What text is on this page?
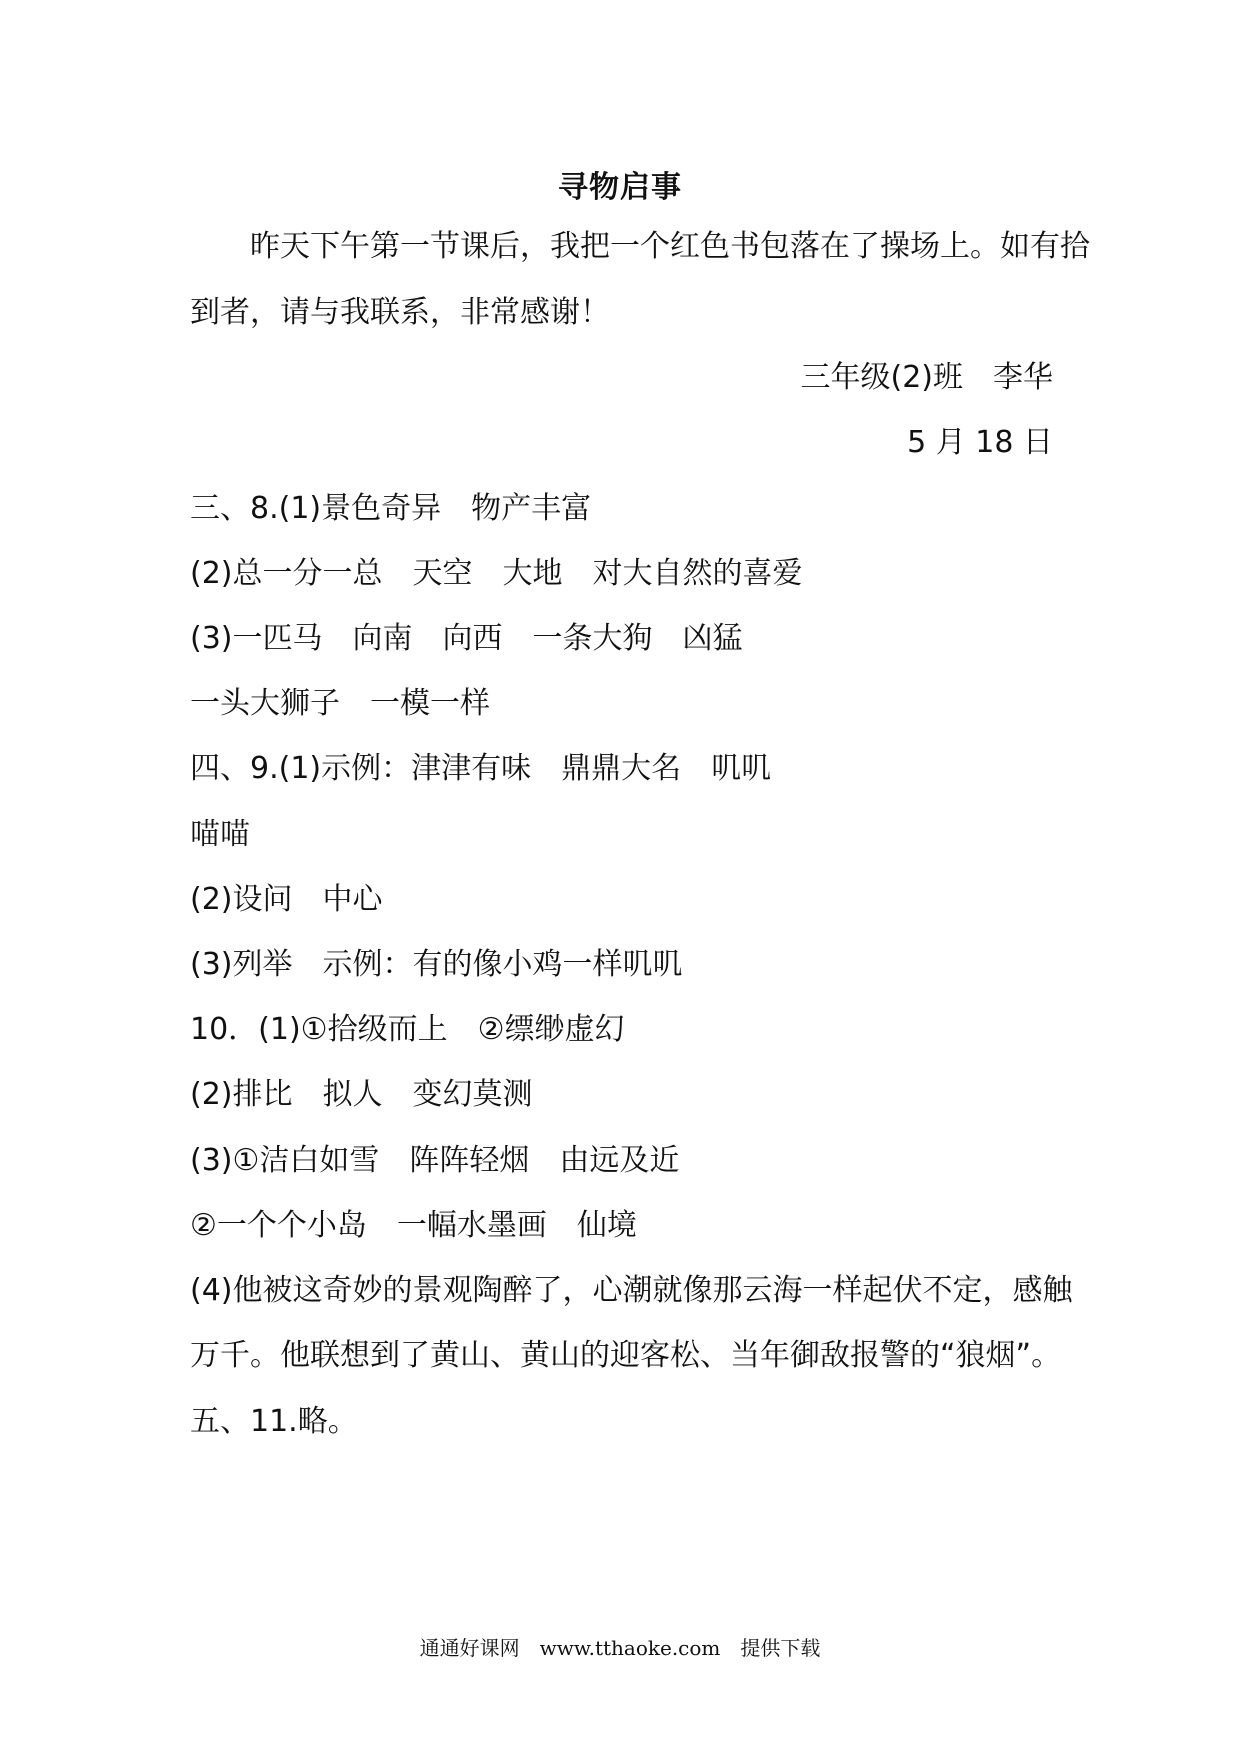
寻物启事
昨天下午第一节课后，我把一个红色书包落在了操场上。如有拾
到者，请与我联系，非常感谢！
三年级(2)班　李华
5 月 18 日
三、8.(1)景色奇异　物产丰富
(2)总一分一总　天空　大地　对大自然的喜爱
(3)一匹马　向南　向西　一条大狗　凶猛
一头大狮子　一模一样
四、9.(1)示例：津津有味　鼎鼎大名　叽叽
喵喵
(2)设问　中心
(3)列举　示例：有的像小鸡一样叽叽
10．(1)①拾级而上　②缥缈虚幻
(2)排比　拟人　变幻莫测
(3)①洁白如雪　阵阵轻烟　由远及近
②一个个小岛　一幅水墨画　仙境
(4)他被这奇妙的景观陶醉了，心潮就像那云海一样起伏不定，感触
万千。他联想到了黄山、黄山的迎客松、当年御敌报警的“狼烟”。
五、11.略。
通通好课网　www.tthaoke.com　提供下载
